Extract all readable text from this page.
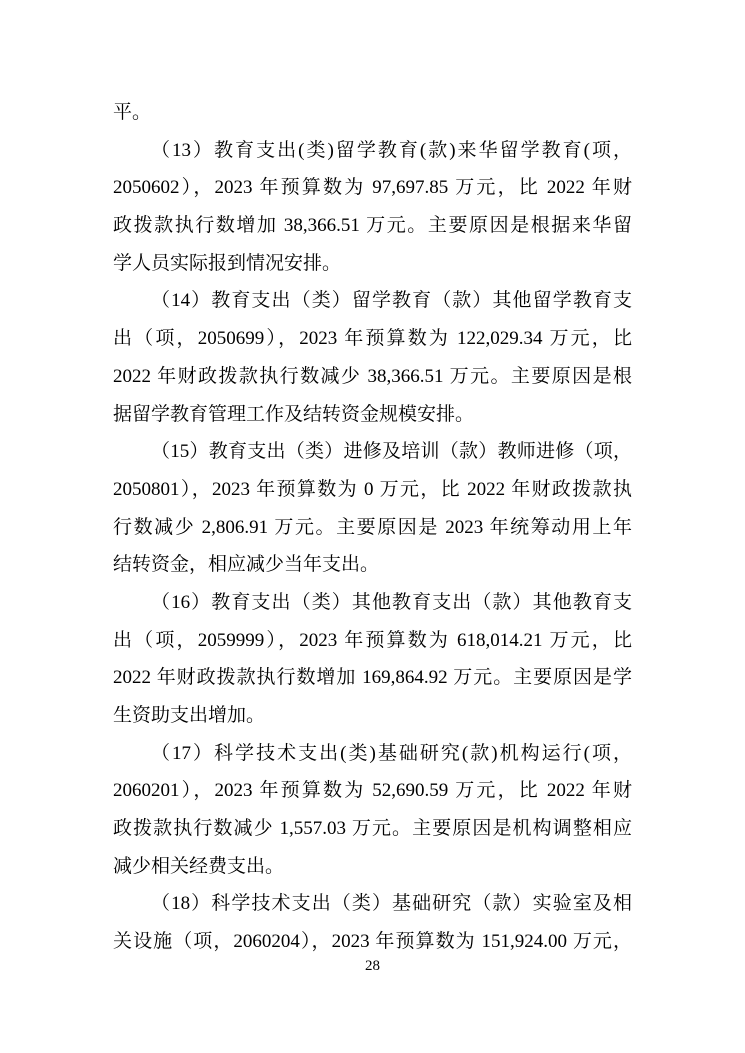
平。
（13）教育支出(类)留学教育(款)来华留学教育(项，
2050602），2023 年预算数为 97,697.85 万元，比 2022 年财
政拨款执行数增加 38,366.51 万元。主要原因是根据来华留
学人员实际报到情况安排。
（14）教育支出（类）留学教育（款）其他留学教育支
出（项，2050699），2023 年预算数为 122,029.34 万元，比
2022 年财政拨款执行数减少 38,366.51 万元。主要原因是根
据留学教育管理工作及结转资金规模安排。
（15）教育支出（类）进修及培训（款）教师进修（项，
2050801），2023 年预算数为 0 万元，比 2022 年财政拨款执
行数减少 2,806.91 万元。主要原因是 2023 年统筹动用上年
结转资金，相应减少当年支出。
（16）教育支出（类）其他教育支出（款）其他教育支
出（项，2059999），2023 年预算数为 618,014.21 万元，比
2022 年财政拨款执行数增加 169,864.92 万元。主要原因是学
生资助支出增加。
（17）科学技术支出(类)基础研究(款)机构运行(项，
2060201），2023 年预算数为 52,690.59 万元，比 2022 年财
政拨款执行数减少 1,557.03 万元。主要原因是机构调整相应
减少相关经费支出。
（18）科学技术支出（类）基础研究（款）实验室及相
关设施（项，2060204），2023 年预算数为 151,924.00 万元，
28
